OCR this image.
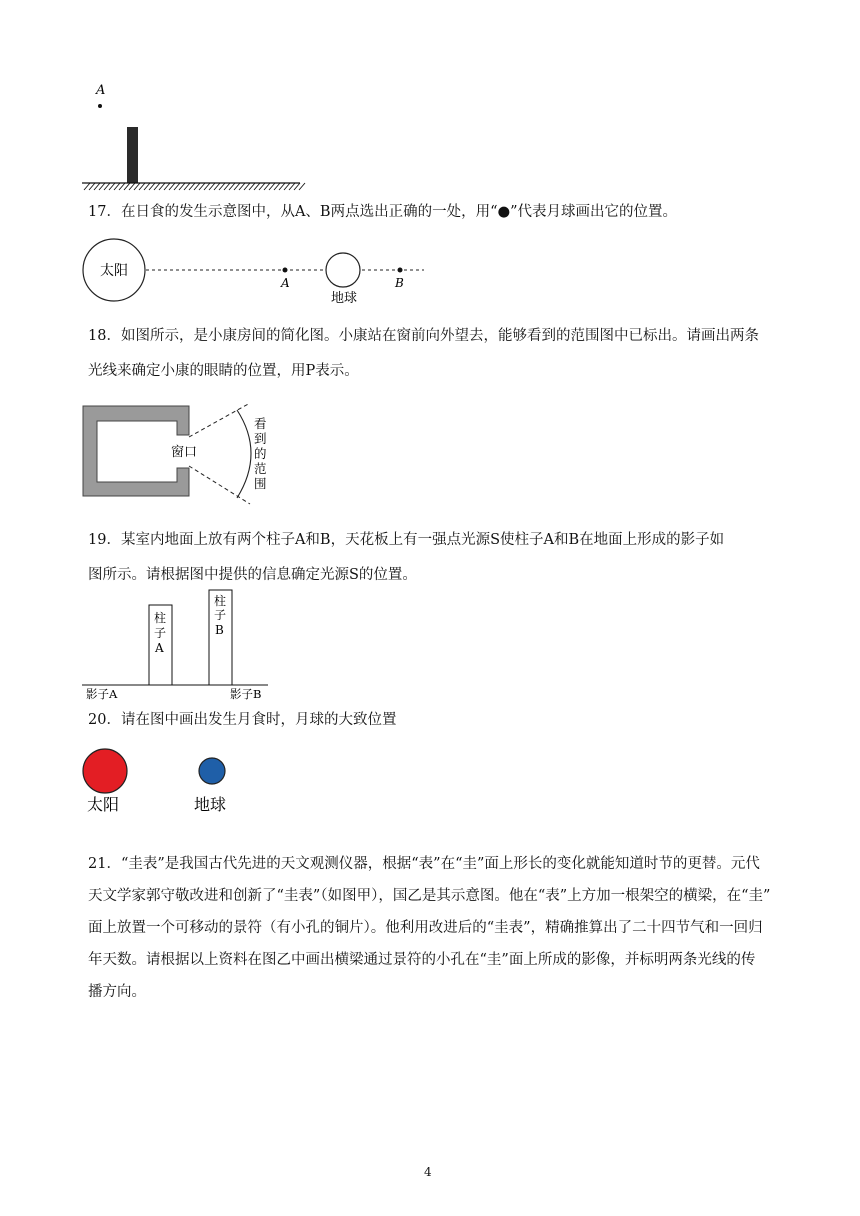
A
17．在日食的发生示意图中，从A、B两点选出正确的一处，用“●”代表月球画出它的位置。
太阳
A
地球
B
18．如图所示，是小康房间的简化图。小康站在窗前向外望去，能够看到的范围图中已标出。请画出两条
光线来确定小康的眼睛的位置，用P表示。
窗口
看
到
的
范
围
19．某室内地面上放有两个柱子A和B，天花板上有一强点光源S使柱子A和B在地面上形成的影子如
图所示。请根据图中提供的信息确定光源S的位置。
柱
子
A
柱
子
B
影子A	影子B
20．请在图中画出发生月食时，月球的大致位置
太阳	地球
21．“圭表”是我国古代先进的天文观测仪器，根据“表”在“圭”面上形长的变化就能知道时节的更替。元代
天文学家郭守敬改进和创新了“圭表”（如图甲），国乙是其示意图。他在“表”上方加一根架空的横梁，在“圭”
面上放置一个可移动的景符（有小孔的铜片）。他利用改进后的“圭表”，精确推算出了二十四节气和一回归
年天数。请根据以上资料在图乙中画出横梁通过景符的小孔在“圭”面上所成的影像，并标明两条光线的传
播方向。
4
